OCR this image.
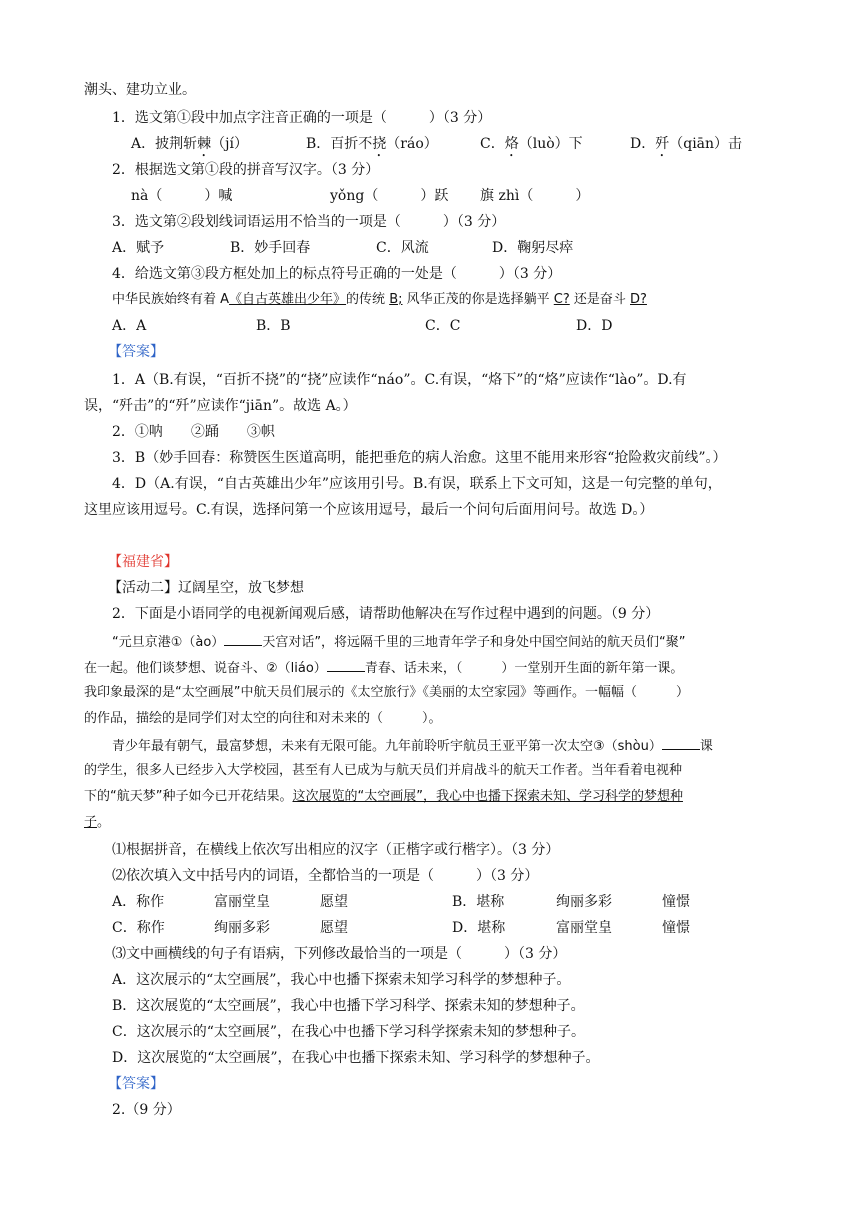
潮头、建功立业。
1．选文第①段中加点字注音正确的一项是（　　　）（3 分）
A．披荆斩棘（jí）	B．百折不挠（ráo）	C．烙（luò）下	D．歼（qiān）击
2．根据选文第①段的拼音写汉字。（3 分）
nà（　　　）喊	yǒng（　　　）跃 旗 zhì（　　　）
3．选文第②段划线词语运用不恰当的一项是（　　　）（3 分）
A．赋予	B．妙手回春	C．风流	D．鞠躬尽瘁
4．给选文第③段方框处加上的标点符号正确的一处是（　　　）（3 分）
中华民族始终有着 A《自古英雄出少年》的传统 B; 风华正茂的你是选择躺平 C? 还是奋斗 D?
A．A	B．B	C．C	D．D
【答案】
1．A（B.有误，“百折不挠”的“挠”应读作“náo”。C.有误，“烙下”的“烙”应读作“lào”。D.有
误，“歼击”的“歼”应读作“jiān”。故选 A。）
2．①呐　　②踊　　③帜
3．B（妙手回春：称赞医生医道高明，能把垂危的病人治愈。这里不能用来形容“抢险救灾前线”。）
4．D（A.有误，“自古英雄出少年”应该用引号。B.有误，联系上下文可知，这是一句完整的单句，
这里应该用逗号。C.有误，选择问第一个应该用逗号，最后一个问句后面用问号。故选 D。）
【福建省】
【活动二】辽阔星空，放飞梦想
2．下面是小语同学的电视新闻观后感，请帮助他解决在写作过程中遇到的问题。（9 分）
“元旦京港①（ào）	天宫对话”，将远隔千里的三地青年学子和身处中国空间站的航天员们“聚”
在一起。他们谈梦想、说奋斗、②（liáo）	青春、话未来，（　　　）一堂别开生面的新年第一课。
我印象最深的是“太空画展”中航天员们展示的《太空旅行》《美丽的太空家园》等画作。一幅幅（　　　）
的作品，描绘的是同学们对太空的向往和对未来的（　　　）。
青少年最有朝气，最富梦想，未来有无限可能。九年前聆听宇航员王亚平第一次太空③（shòu）	课
的学生，很多人已经步入大学校园，甚至有人已成为与航天员们并肩战斗的航天工作者。当年看着电视种
下的“航天梦”种子如今已开花结果。这次展览的“太空画展”，我心中也播下探索未知、学习科学的梦想种
子。
⑴根据拼音，在横线上依次写出相应的汉字（正楷字或行楷字）。（3 分）
⑵依次填入文中括号内的词语，全都恰当的一项是（　　　）（3 分）
A．称作	富丽堂皇	愿望	B．堪称	绚丽多彩	憧憬
C．称作	绚丽多彩	愿望	D．堪称	富丽堂皇	憧憬
⑶文中画横线的句子有语病，下列修改最恰当的一项是（　　　）（3 分）
A．这次展示的“太空画展”，我心中也播下探索未知学习科学的梦想种子。
B．这次展览的“太空画展”，我心中也播下学习科学、探索未知的梦想种子。
C．这次展示的“太空画展”，在我心中也播下学习科学探索未知的梦想种子。
D．这次展览的“太空画展”，在我心中也播下探索未知、学习科学的梦想种子。
【答案】
2.（9 分）
